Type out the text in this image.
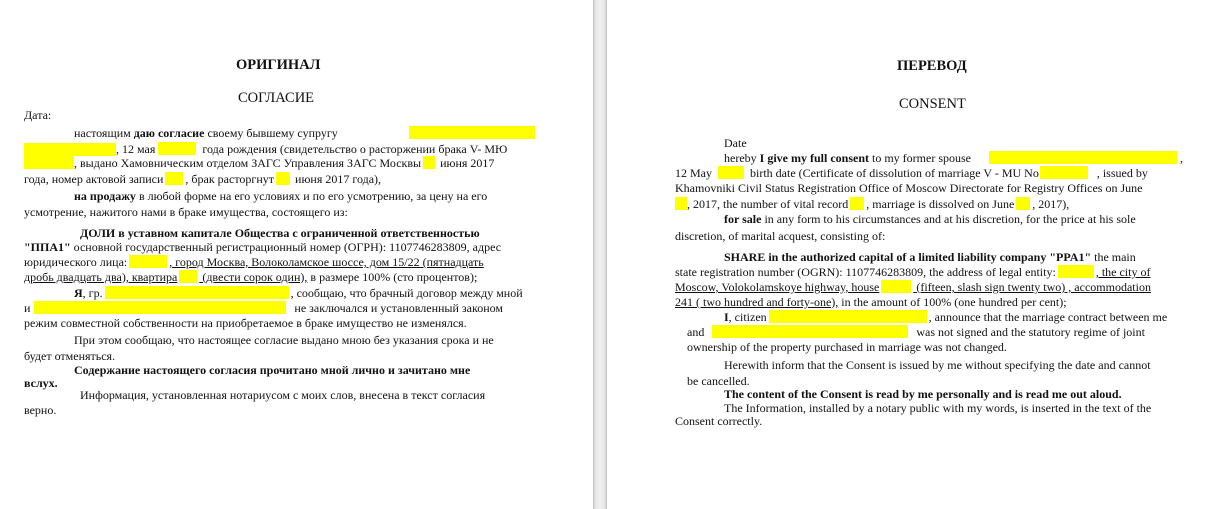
ОРИГИНАЛ
СОГЛАСИЕ
Дата:
настоящим даю согласие своему бывшему супругу
, 12 мая	года рождения (свидетельство о расторжении брака V- МЮ
, выдано Хамовническим отделом ЗАГС Управления ЗАГС Москвы июня 2017
года, номер актовой записи , брак расторгнут июня 2017 года),
на продажу в любой форме на его условиях и по его усмотрению, за цену на его
усмотрение, нажитого нами в браке имущества, состоящего из:
ДОЛИ в уставном капитале Общества с ограниченной ответственностью
"ППА1" основной государственный регистрационный номер (ОГРН): 1107746283809, адрес
юридического лица:	, город Москва, Волоколамское шоссе, дом 15/22 (пятнадцать
дробь двадцать два), квартира (двести сорок один), в размере 100% (сто процентов);
Я, гр.	, сообщаю, что брачный договор между мной
и	не заключался и установленный законом
режим совместной собственности на приобретаемое в браке имущество не изменялся.
При этом сообщаю, что настоящее согласие выдано мною без указания срока и не
будет отменяться.
Содержание настоящего согласия прочитано мной лично и зачитано мне
вслух.
Информация, установленная нотариусом с моих слов, внесена в текст согласия
верно.
ПЕРЕВОД
CONSENT
Date
hereby I give my full consent to my former spouse	,
12 May	birth date (Certificate of dissolution of marriage V - MU No	, issued by
Khamovniki Civil Status Registration Office of Moscow Directorate for Registry Offices on June
, 2017, the number of vital record , marriage is dissolved on June , 2017),
for sale in any form to his circumstances and at his discretion, for the price at his sole
discretion, of marital acquest, consisting of:
SHARE in the authorized capital of a limited liability company "PPA1" the main
state registration number (OGRN): 1107746283809, the address of legal entity:	, the city of
Moscow, Volokolamskoye highway, house	(fifteen, slash sign twenty two) , accommodation
241 ( two hundred and forty-one), in the amount of 100% (one hundred per cent);
I, citizen	, announce that the marriage contract between me
and	was not signed and the statutory regime of joint
ownership of the property purchased in marriage was not changed.
Herewith inform that the Consent is issued by me without specifying the date and cannot
be cancelled.
The content of the Consent is read by me personally and is read me out aloud.
The Information, installed by a notary public with my words, is inserted in the text of the
Consent correctly.
